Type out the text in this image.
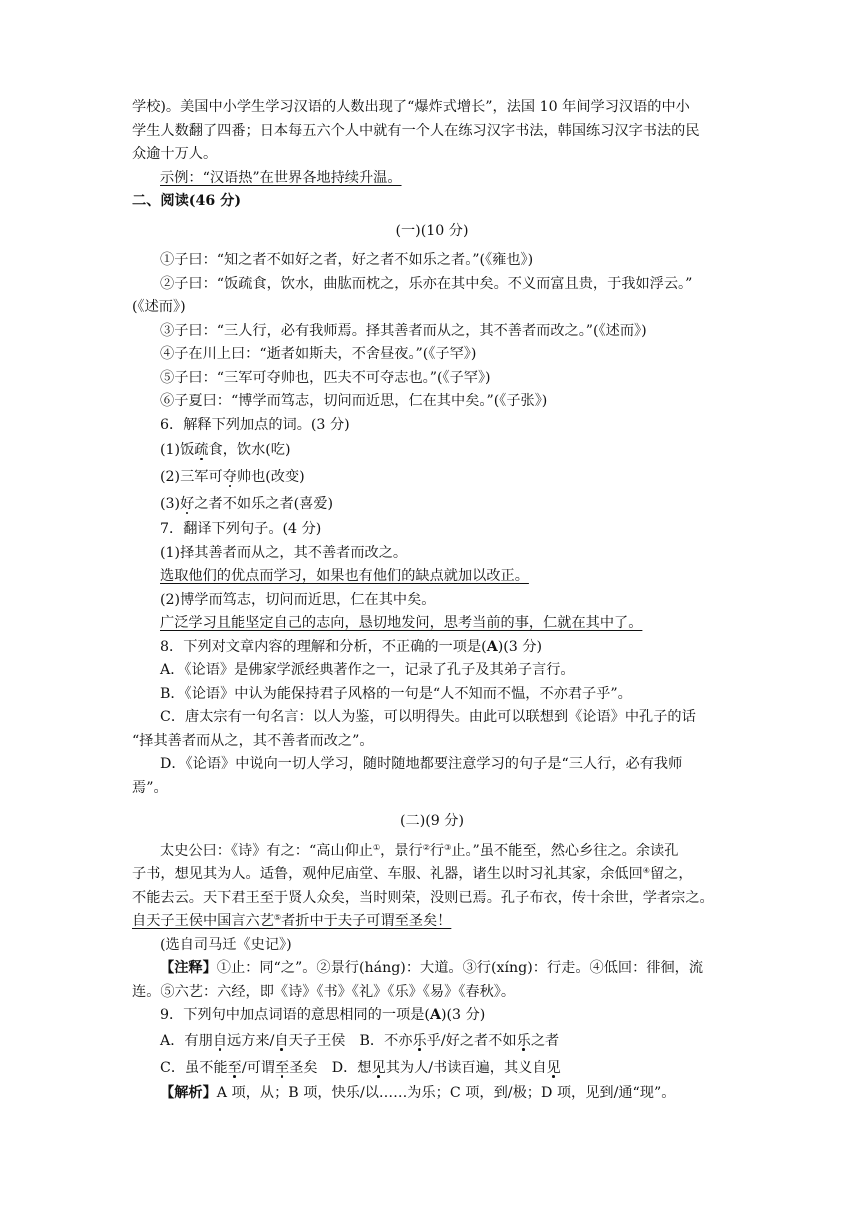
学校)。美国中小学生学习汉语的人数出现了“爆炸式增长”，法国 10 年间学习汉语的中小
学生人数翻了四番；日本每五六个人中就有一个人在练习汉字书法，韩国练习汉字书法的民
众逾十万人。
示例：“汉语热”在世界各地持续升温。
二、阅读(46 分)
(一)(10 分)
①子曰：“知之者不如好之者，好之者不如乐之者。”(《雍也》)
②子曰：“饭疏食，饮水，曲肱而枕之，乐亦在其中矣。不义而富且贵，于我如浮云。”
(《述而》)
③子曰：“三人行，必有我师焉。择其善者而从之，其不善者而改之。”(《述而》)
④子在川上曰：“逝者如斯夫，不舍昼夜。”(《子罕》)
⑤子曰：“三军可夺帅也，匹夫不可夺志也。”(《子罕》)
⑥子夏曰：“博学而笃志，切问而近思，仁在其中矣。”(《子张》)
6．解释下列加点的词。(3 分)
(1)饭疏食，饮水(吃)
(2)三军可夺帅也(改变)
(3)好之者不如乐之者(喜爱)
7．翻译下列句子。(4 分)
(1)择其善者而从之，其不善者而改之。
选取他们的优点而学习，如果也有他们的缺点就加以改正。
(2)博学而笃志，切问而近思，仁在其中矣。
广泛学习且能坚定自己的志向，恳切地发问，思考当前的事，仁就在其中了。
8．下列对文章内容的理解和分析，不正确的一项是(A)(3 分)
A．《论语》是佛家学派经典著作之一，记录了孔子及其弟子言行。
B．《论语》中认为能保持君子风格的一句是“人不知而不愠，不亦君子乎”。
C．唐太宗有一句名言：以人为鉴，可以明得失。由此可以联想到《论语》中孔子的话
“择其善者而从之，其不善者而改之”。
D．《论语》中说向一切人学习，随时随地都要注意学习的句子是“三人行，必有我师
焉”。
(二)(9 分)
太史公曰：《诗》有之：“高山仰止①，景行②行③止。”虽不能至，然心乡往之。余读孔
子书，想见其为人。适鲁，观仲尼庙堂、车服、礼器，诸生以时习礼其家，余低回④留之，
不能去云。天下君王至于贤人众矣，当时则荣，没则已焉。孔子布衣，传十余世，学者宗之。
自天子王侯中国言六艺⑤者折中于夫子可谓至圣矣！
(选自司马迁《史记》)
【注释】①止：同“之”。②景行(háng)：大道。③行(xíng)：行走。④低回：徘徊，流
连。⑤六艺：六经，即《诗》《书》《礼》《乐》《易》《春秋》。
9．下列句中加点词语的意思相同的一项是(A)(3 分)
A．有朋自远方来/自天子王侯　B．不亦乐乎/好之者不如乐之者
C．虽不能至/可谓至圣矣　D．想见其为人/书读百遍，其义自见
【解析】A 项，从；B 项，快乐/以……为乐；C 项，到/极；D 项，见到/通“现”。
